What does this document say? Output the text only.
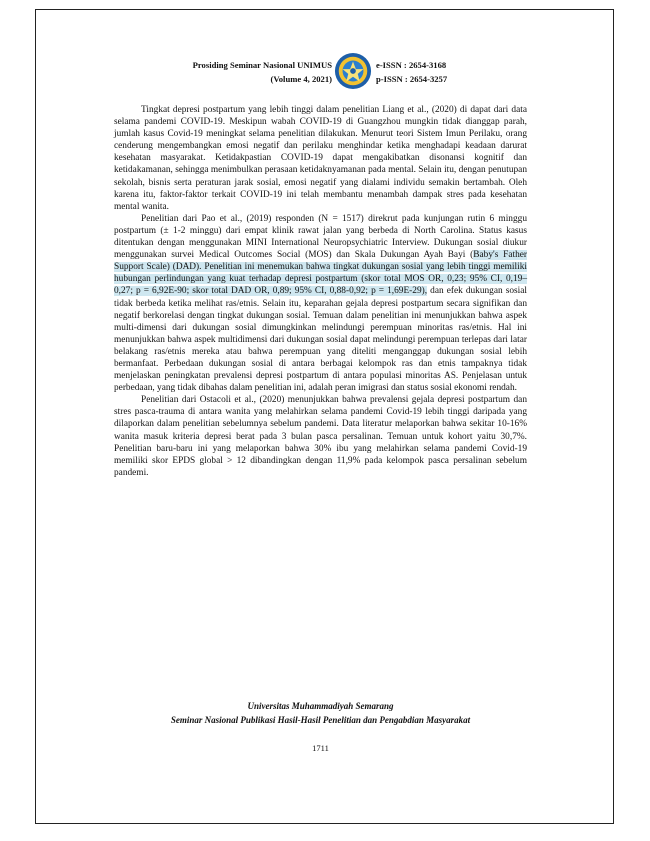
Prosiding Seminar Nasional UNIMUS
(Volume 4, 2021)
e-ISSN : 2654-3168
p-ISSN : 2654-3257

Tingkat depresi postpartum yang lebih tinggi dalam penelitian Liang et al., (2020) di dapat dari data selama pandemi COVID-19. Meskipun wabah COVID-19 di Guangzhou mungkin tidak dianggap parah, jumlah kasus Covid-19 meningkat selama penelitian dilakukan. Menurut teori Sistem Imun Perilaku, orang cenderung mengembangkan emosi negatif dan perilaku menghindar ketika menghadapi keadaan darurat kesehatan masyarakat. Ketidakpastian COVID-19 dapat mengakibatkan disonansi kognitif dan ketidakamanan, sehingga menimbulkan perasaan ketidaknyamanan pada mental. Selain itu, dengan penutupan sekolah, bisnis serta peraturan jarak sosial, emosi negatif yang dialami individu semakin bertambah. Oleh karena itu, faktor-faktor terkait COVID-19 ini telah membantu menambah dampak stres pada kesehatan mental wanita.

Penelitian dari Pao et al., (2019) responden (N = 1517) direkrut pada kunjungan rutin 6 minggu postpartum (± 1-2 minggu) dari empat klinik rawat jalan yang berbeda di North Carolina. Status kasus ditentukan dengan menggunakan MINI International Neuropsychiatric Interview. Dukungan sosial diukur menggunakan survei Medical Outcomes Social (MOS) dan Skala Dukungan Ayah Bayi (Baby's Father Support Scale) (DAD). Penelitian ini menemukan bahwa tingkat dukungan sosial yang lebih tinggi memiliki hubungan perlindungan yang kuat terhadap depresi postpartum (skor total MOS OR, 0,23; 95% CI, 0,19–0,27; p = 6,92E-90; skor total DAD OR, 0,89; 95% CI, 0,88-0,92; p = 1,69E-29), dan efek dukungan sosial tidak berbeda ketika melihat ras/etnis. Selain itu, keparahan gejala depresi postpartum secara signifikan dan negatif berkorelasi dengan tingkat dukungan sosial. Temuan dalam penelitian ini menunjukkan bahwa aspek multi-dimensi dari dukungan sosial dimungkinkan melindungi perempuan minoritas ras/etnis. Hal ini menunjukkan bahwa aspek multidimensi dari dukungan sosial dapat melindungi perempuan terlepas dari latar belakang ras/etnis mereka atau bahwa perempuan yang diteliti menganggap dukungan sosial lebih bermanfaat. Perbedaan dukungan sosial di antara berbagai kelompok ras dan etnis tampaknya tidak menjelaskan peningkatan prevalensi depresi postpartum di antara populasi minoritas AS. Penjelasan untuk perbedaan, yang tidak dibahas dalam penelitian ini, adalah peran imigrasi dan status sosial ekonomi rendah.

Penelitian dari Ostacoli et al., (2020) menunjukkan bahwa prevalensi gejala depresi postpartum dan stres pasca-trauma di antara wanita yang melahirkan selama pandemi Covid-19 lebih tinggi daripada yang dilaporkan dalam penelitian sebelumnya sebelum pandemi. Data literatur melaporkan bahwa sekitar 10-16% wanita masuk kriteria depresi berat pada 3 bulan pasca persalinan. Temuan untuk kohort yaitu 30,7%. Penelitian baru-baru ini yang melaporkan bahwa 30% ibu yang melahirkan selama pandemi Covid-19 memiliki skor EPDS global > 12 dibandingkan dengan 11,9% pada kelompok pasca persalinan sebelum pandemi.

Universitas Muhammadiyah Semarang
Seminar Nasional Publikasi Hasil-Hasil Penelitian dan Pengabdian Masyarakat
1711
